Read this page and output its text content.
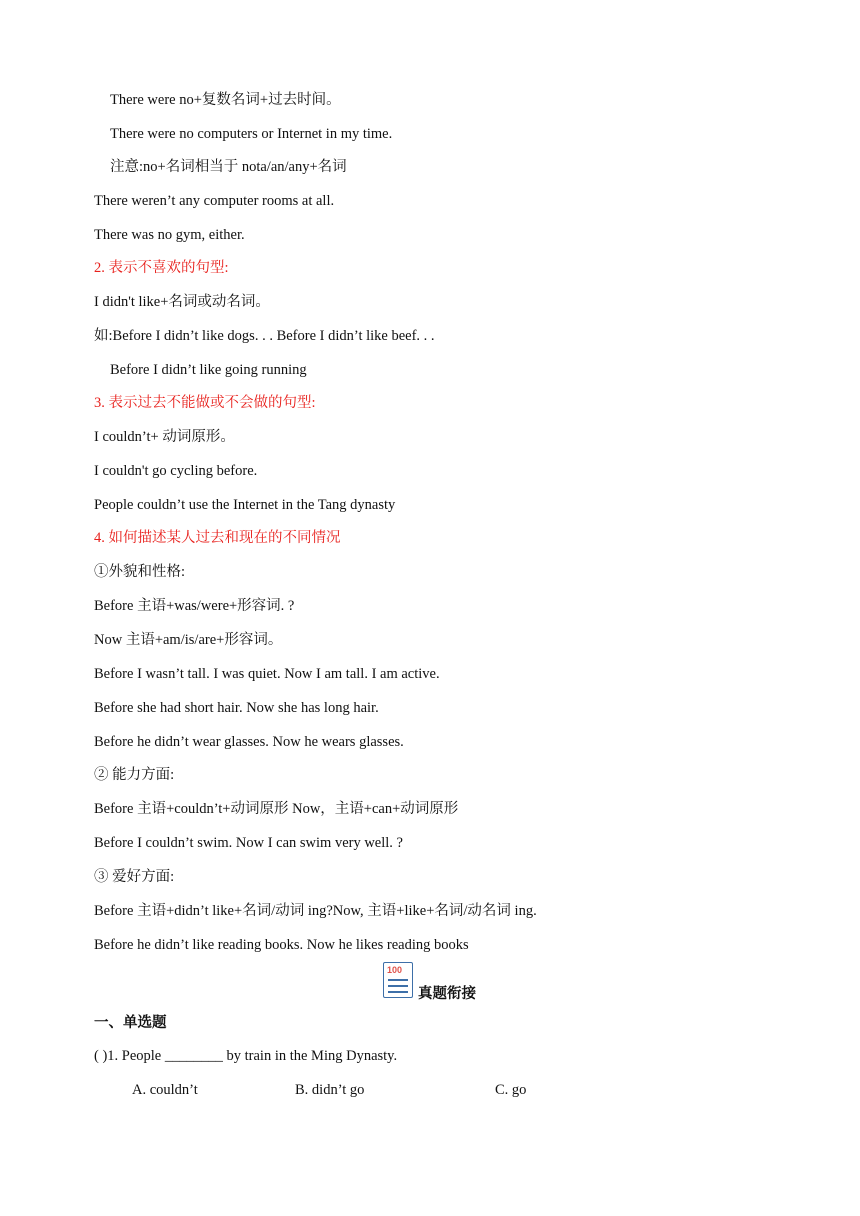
There were no+复数名词+过去时间。
There were no computers or Internet in my time.
注意:no+名词相当于 nota/an/any+名词
There weren’t any computer rooms at all.
There was no gym, either.
2. 表示不喜欢的句型:
I didn't like+名词或动名词。
如:Before I didn’t like dogs. . . Before I didn’t like beef. . .
Before I didn’t like going running
3. 表示过去不能做或不会做的句型:
I couldn’t+ 动词原形。
I couldn't go cycling before.
People couldn’t use the Internet in the Tang dynasty
4. 如何描述某人过去和现在的不同情况
①外貌和性格:
Before 主语+was/were+形容词. ?
Now 主语+am/is/are+形容词。
Before I wasn’t tall. I was quiet. Now I am tall. I am active.
Before she had short hair. Now she has long hair.
Before he didn’t wear glasses. Now he wears glasses.
② 能力方面:
Before 主语+couldn’t+动词原形 Now，主语+can+动词原形
Before I couldn’t swim. Now I can swim very well. ?
③ 爱好方面:
Before 主语+didn’t like+名词/动词 ing?Now, 主语+like+名词/动名词 ing.
Before he didn’t like reading books. Now he likes reading books
100
真题衔接
一、单选题
( )1. People ________ by train in the Ming Dynasty.
A. couldn’t	B. didn’t go	C. go
